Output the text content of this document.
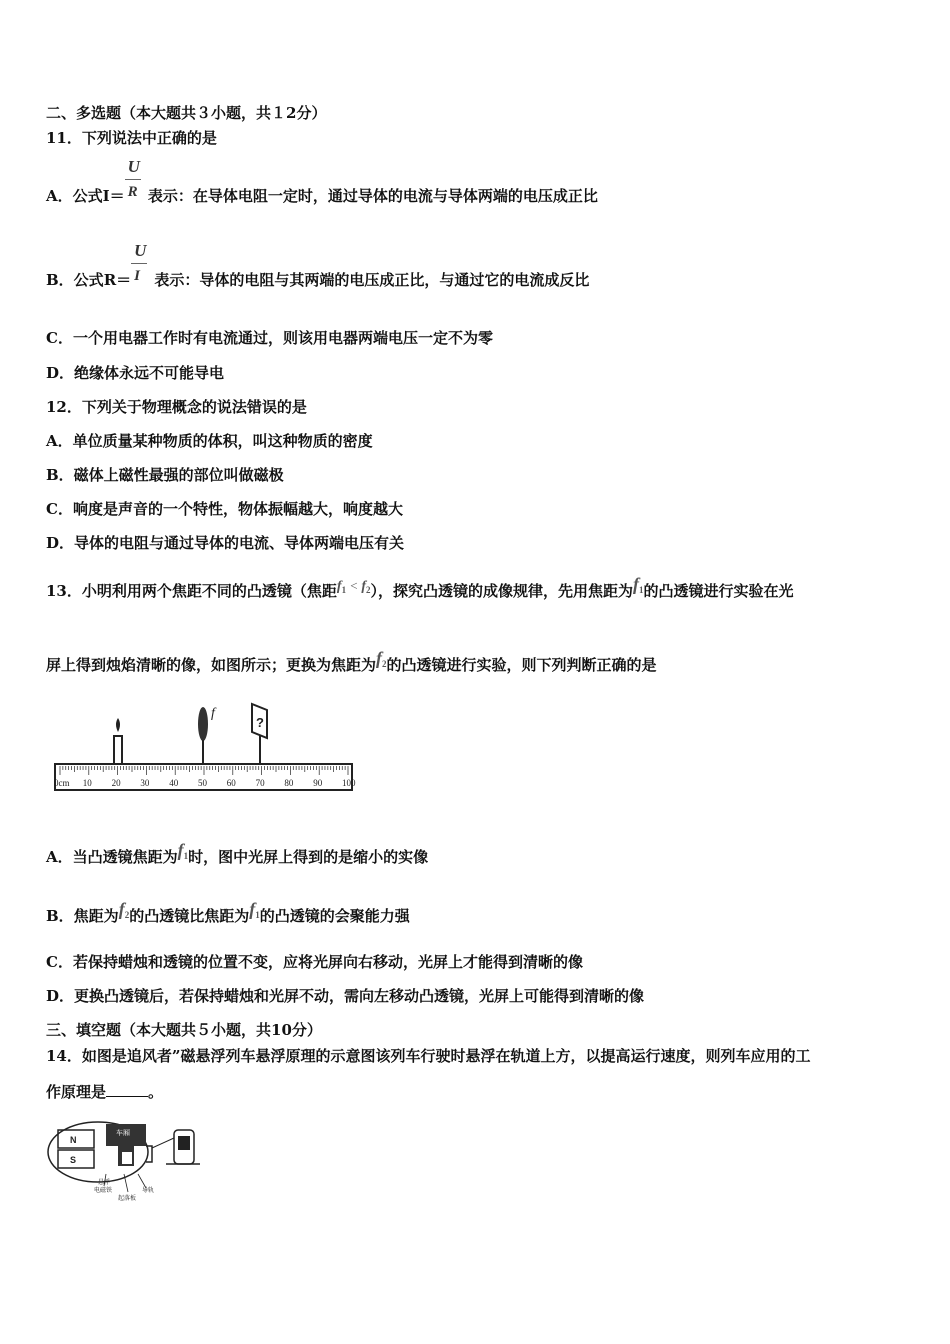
二、多选题（本大题共３小题，共１2分）
11．下列说法中正确的是
A．公式$I= \frac{U}{R}$ 表示：在导体电阻一定时，通过导体的电流与导体两端的电压成正比
B．公式$R= \frac{U}{I}$ 表示：导体的电阻与其两端的电压成正比，与通过它的电流成反比
C．一个用电器工作时有电流通过，则该用电器两端电压一定不为零
D．绝缘体永远不可能导电
12．下列关于物理概念的说法错误的是
A．单位质量某种物质的体积，叫这种物质的密度
B．磁体上磁性最强的部位叫做磁极
C．响度是声音的一个特性，物体振幅越大，响度越大
D．导体的电阻与通过导体的电流、导体两端电压有关
13．小明利用两个焦距不同的凸透镜（焦距$f_1 < f_2$），探究凸透镜的成像规律，先用焦距为$f_1$的凸透镜进行实验在光
屏上得到烛焰清晰的像，如图所示；更换为焦距为$f_2$的凸透镜进行实验，则下列判断正确的是
f
?
0cm 10 20 30 40 50 60 70 80 90 100
A．当凸透镜焦距为$f_1$时，图中光屏上得到的是缩小的实像
B．焦距为$f_2$的凸透镜比焦距为$f_1$的凸透镜的会聚能力强
C．若保持蜡烛和透镜的位置不变，应将光屏向右移动，光屏上才能得到清晰的像
D．更换凸透镜后，若保持蜡烛和光屏不动，需向左移动凸透镜，光屏上可能得到清晰的像
三、填空题（本大题共５小题，共10分）
14．如图是追风者”磁悬浮列车悬浮原理的示意图该列车行驶时悬浮在轨道上方，以提高运行速度，则列车应用的工
作原理是	。
N
S
车厢
悬浮
电磁铁	导轨
起落板
